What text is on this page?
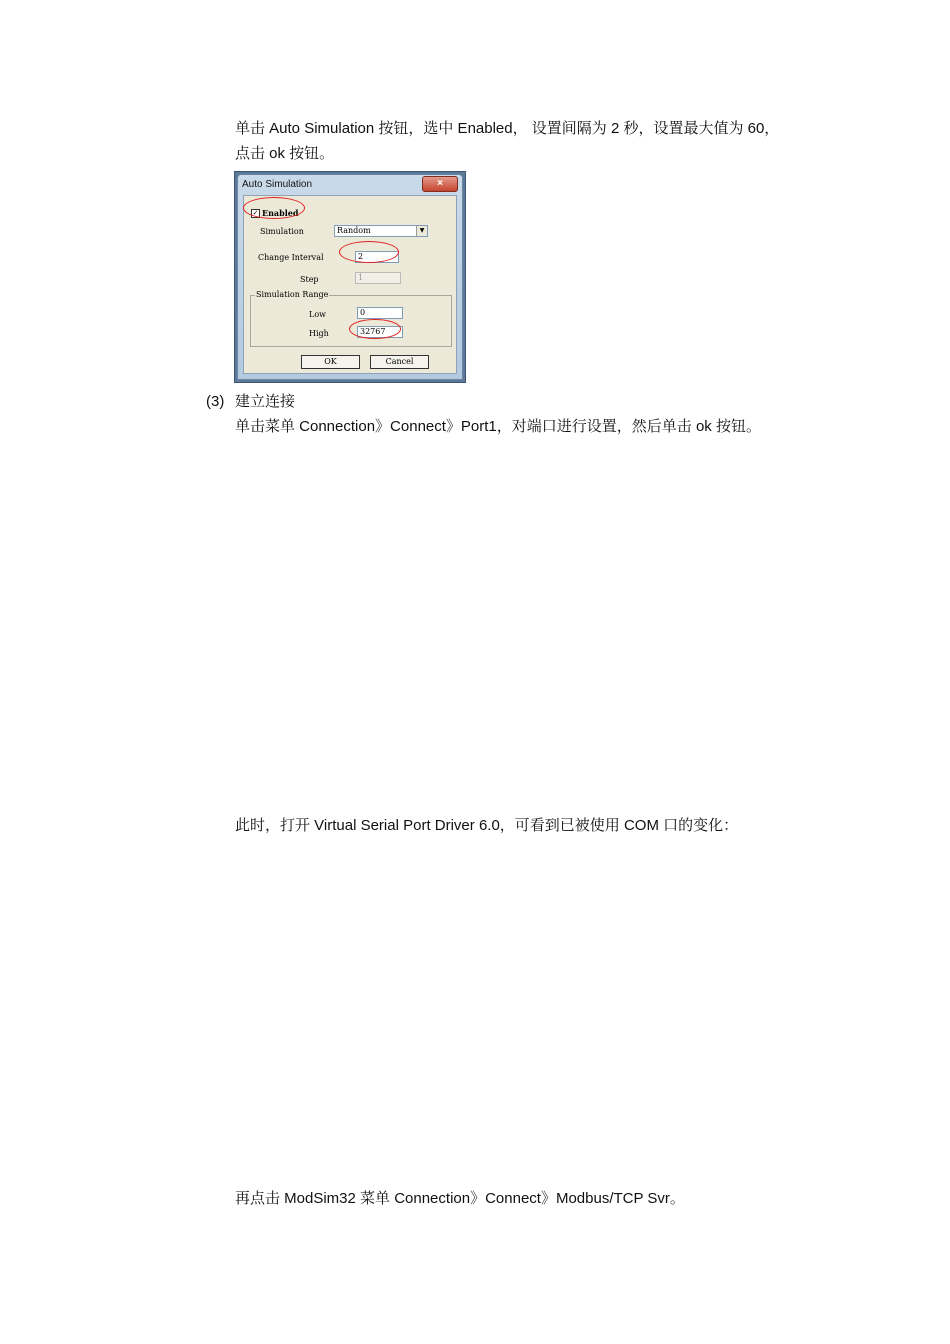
单击 Auto Simulation 按钮，选中 Enabled， 设置间隔为 2 秒，设置最大值为 60，
点击 ok 按钮。
Auto Simulation	×
✓ Enabled
Simulation	Random	▼
Change Interval	2
Step	1
Simulation Range
Low	0
High	32767
OK	Cancel
(3) 建立连接
单击菜单 Connection》Connect》Port1，对端口进行设置，然后单击 ok 按钮。
此时，打开 Virtual Serial Port Driver 6.0，可看到已被使用 COM 口的变化：
再点击 ModSim32 菜单 Connection》Connect》Modbus/TCP Svr。
